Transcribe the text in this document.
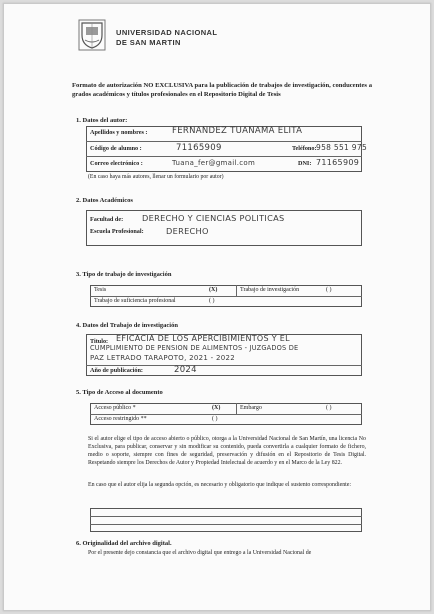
UNIVERSIDAD NACIONAL
DE SAN MARTIN
Formato de autorización NO EXCLUSIVA para la publicación de trabajos de investigación, conducentes a grados académicos y títulos profesionales en el Repositorio Digital de Tesis
1. Datos del autor:
Apellidos y nombres :	FERNANDEZ TUANAMA ELITA
Código de alumno :	71165909	Teléfono: 958 551 975
Correo electrónico :	Tuana_fer@gmail.com	DNI: 71165909
(En caso haya más autores, llenar un formulario por autor)
2. Datos Académicos
Facultad de: DERECHO Y CIENCIAS POLITICAS
Escuela Profesional:	DERECHO
3. Tipo de trabajo de investigación
Tesis	(X)	Trabajo de investigación	( )
Trabajo de suficiencia profesional	( )
4. Datos del Trabajo de investigación
Titulo: EFICACIA DE LOS APERCIBIMIENTOS Y EL
CUMPLIMIENTO DE PENSION DE ALIMENTOS - JUZGADOS DE
PAZ LETRADO TARAPOTO, 2021 - 2022
Año de publicación:	2024
5. Tipo de Acceso al documento
Acceso público *	(X)	Embargo	( )
Acceso restringido **	( )
Si el autor elige el tipo de acceso abierto o público, otorga a la Universidad Nacional de San Martín, una licencia No Exclusiva, para publicar, conservar y sin modificar su contenido, pueda convertirla a cualquier formato de fichero, medio o soporte, siempre con fines de seguridad, preservación y difusión en el Repositorio de Tesis Digital. Respetando siempre los Derechos de Autor y Propiedad Intelectual de acuerdo y en el Marco de la Ley 822.
En caso que el autor elija la segunda opción, es necesario y obligatorio que indique el sustento correspondiente:
6. Originalidad del archivo digital.
Por el presente dejo constancia que el archivo digital que entrego a la Universidad Nacional de
